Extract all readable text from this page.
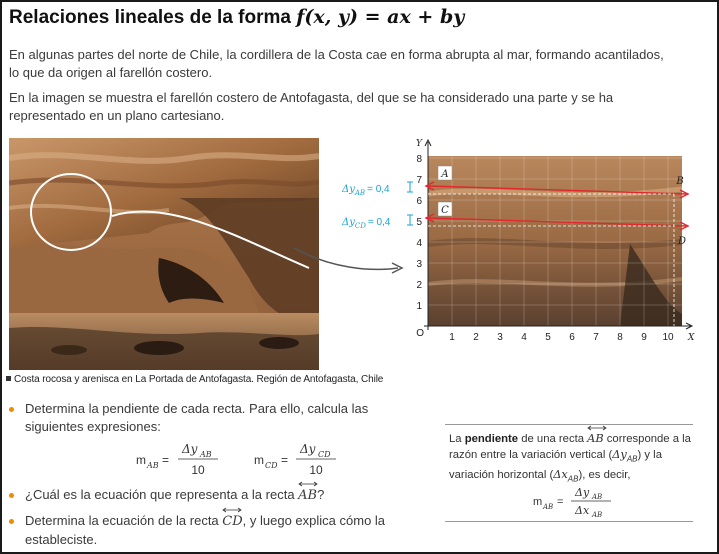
Relaciones lineales de la forma f(x, y) = ax + by
En algunas partes del norte de Chile, la cordillera de la Costa cae en forma abrupta al mar, formando acantilados, lo que da origen al farellón costero.
En la imagen se muestra el farellón costero de Antofagasta, del que se ha considerado una parte y se ha representado en un plano cartesiano.
Costa rocosa y arenisca en La Portada de Antofagasta. Región de Antofagasta, Chile
Y
X
O	1 2 3 4 5 6 7 8 9 10
1
2
3
4
5
6
7
8
A
C
B
D
$\Delta y_{AB} = 0,4$
$\Delta y_{CD} = 0,4$
Determina la pendiente de cada recta. Para ello, calcula las siguientes expresiones:
¿Cuál es la ecuación que representa a la recta AB?
Determina la ecuación de la recta CD, y luego explica cómo la estableciste.
m AB =
Δy AB
10
m CD =
Δy CD
10
La pendiente de una recta AB corresponde a la razón entre la variación vertical $(\Delta y_{AB})$ y la variación horizontal $(\Delta x_{AB})$, es decir,
m AB =
Δy AB
Δx AB
